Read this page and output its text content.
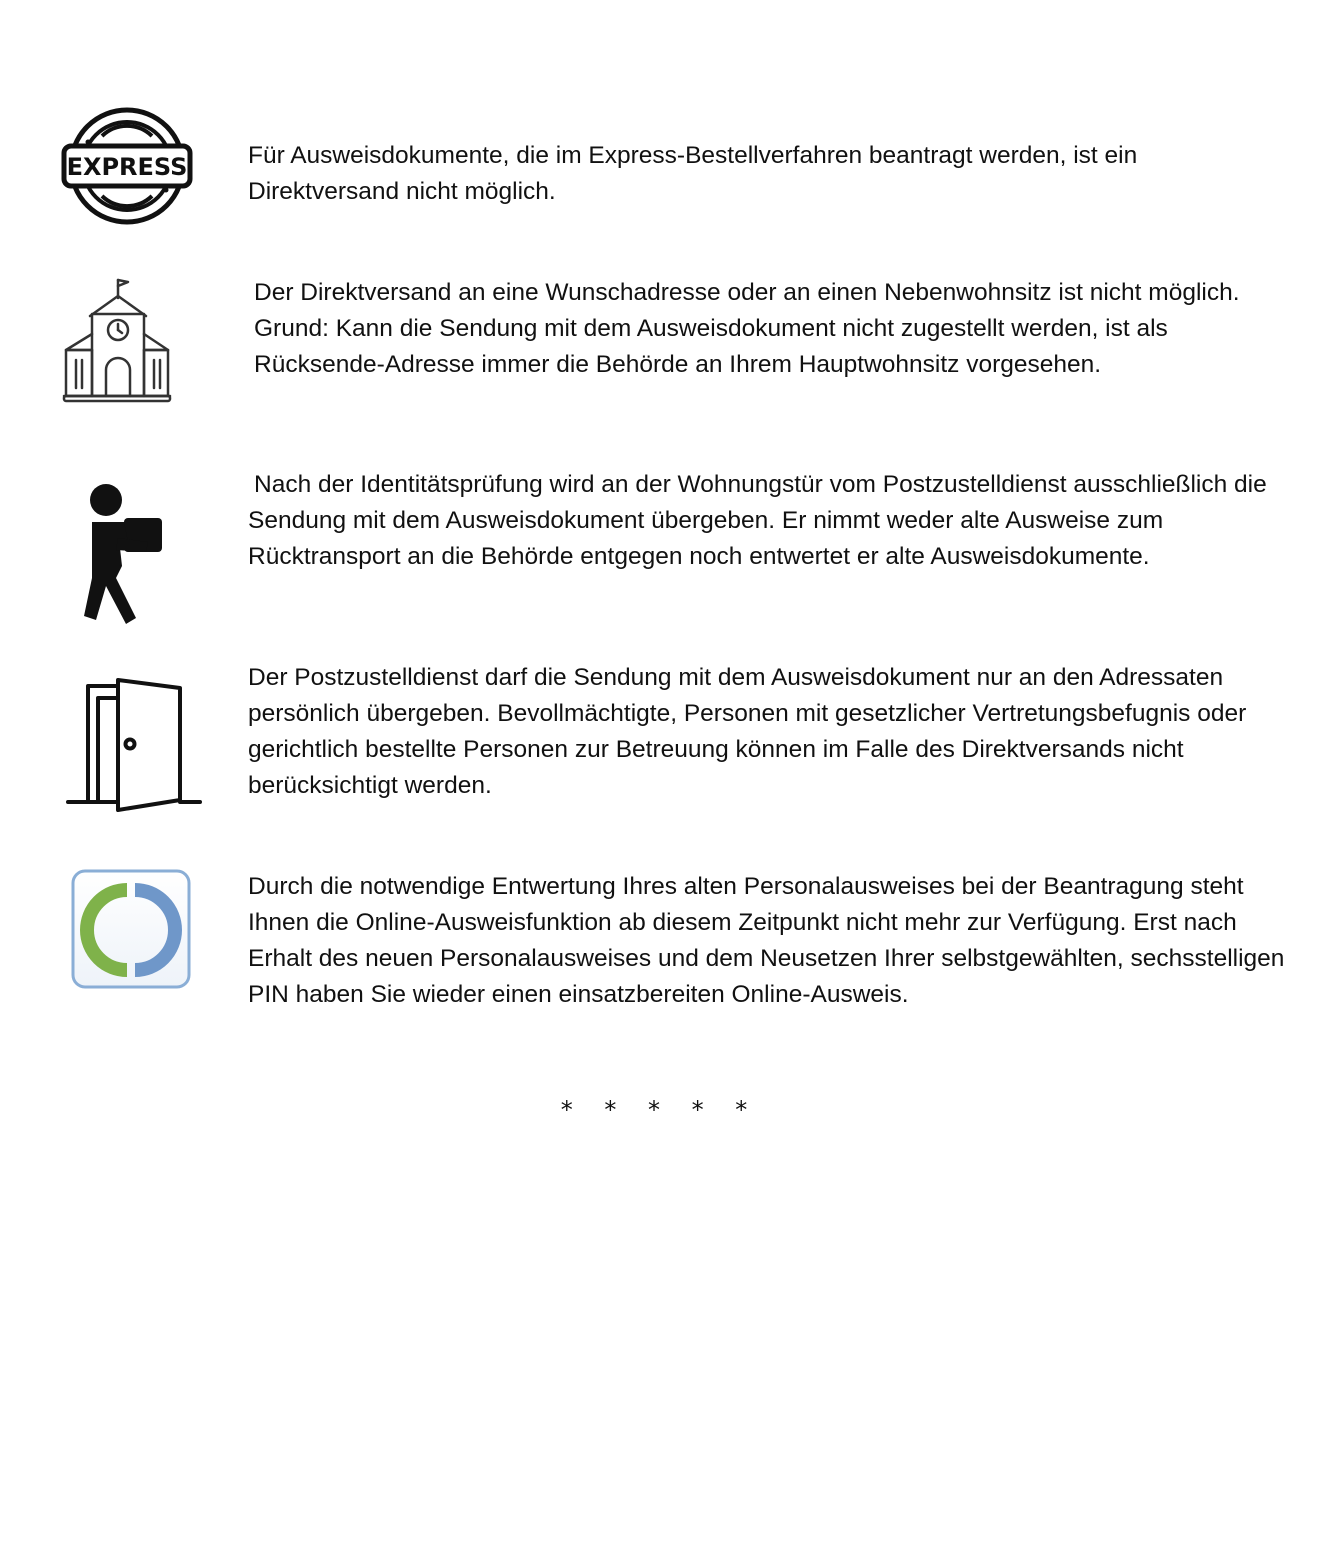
EXPRESS Für Ausweisdokumente, die im Express-Bestellverfahren beantragt werden, ist ein Direktversand nicht möglich.

Der Direktversand an eine Wunschadresse oder an einen Nebenwohnsitz ist nicht möglich. Grund: Kann die Sendung mit dem Ausweisdokument nicht zugestellt werden, ist als Rücksende-Adresse immer die Behörde an Ihrem Hauptwohnsitz vorgesehen.

Nach der Identitätsprüfung wird an der Wohnungstür vom Postzustelldienst ausschließlich die Sendung mit dem Ausweisdokument übergeben. Er nimmt weder alte Ausweise zum Rücktransport an die Behörde entgegen noch entwertet er alte Ausweisdokumente.

Der Postzustelldienst darf die Sendung mit dem Ausweisdokument nur an den Adressaten persönlich übergeben. Bevollmächtigte, Personen mit gesetzlicher Vertretungsbefugnis oder gerichtlich bestellte Personen zur Betreuung können im Falle des Direktversands nicht berücksichtigt werden.

Durch die notwendige Entwertung Ihres alten Personalausweises bei der Beantragung steht Ihnen die Online-Ausweisfunktion ab diesem Zeitpunkt nicht mehr zur Verfügung. Erst nach Erhalt des neuen Personalausweises und dem Neusetzen Ihrer selbstgewählten, sechsstelligen PIN haben Sie wieder einen einsatzbereiten Online-Ausweis.

* * * * *
